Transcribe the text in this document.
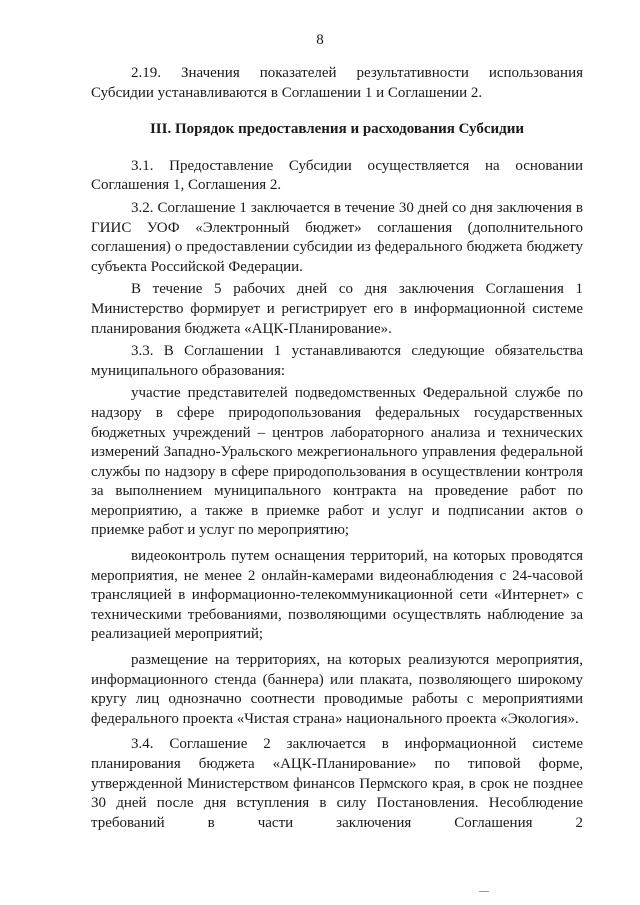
8

2.19. Значения показателей результативности использования Субсидии устанавливаются в Соглашении 1 и Соглашении 2.

III. Порядок предоставления и расходования Субсидии

3.1. Предоставление Субсидии осуществляется на основании Соглашения 1, Соглашения 2.

3.2. Соглашение 1 заключается в течение 30 дней со дня заключения в ГИИС УОФ «Электронный бюджет» соглашения (дополнительного соглашения) о предоставлении субсидии из федерального бюджета бюджету субъекта Российской Федерации.

В течение 5 рабочих дней со дня заключения Соглашения 1 Министерство формирует и регистрирует его в информационной системе планирования бюджета «АЦК-Планирование».

3.3. В Соглашении 1 устанавливаются следующие обязательства муниципального образования:

участие представителей подведомственных Федеральной службе по надзору в сфере природопользования федеральных государственных бюджетных учреждений – центров лабораторного анализа и технических измерений Западно-Уральского межрегионального управления федеральной службы по надзору в сфере природопользования в осуществлении контроля за выполнением муниципального контракта на проведение работ по мероприятию, а также в приемке работ и услуг и подписании актов о приемке работ и услуг по мероприятию;

видеоконтроль путем оснащения территорий, на которых проводятся мероприятия, не менее 2 онлайн-камерами видеонаблюдения с 24-часовой трансляцией в информационно-телекоммуникационной сети «Интернет» с техническими требованиями, позволяющими осуществлять наблюдение за реализацией мероприятий;

размещение на территориях, на которых реализуются мероприятия, информационного стенда (баннера) или плаката, позволяющего широкому кругу лиц однозначно соотнести проводимые работы с мероприятиями федерального проекта «Чистая страна» национального проекта «Экология».

3.4. Соглашение 2 заключается в информационной системе планирования бюджета «АЦК-Планирование» по типовой форме, утвержденной Министерством финансов Пермского края, в срок не позднее 30 дней после дня вступления в силу Постановления. Несоблюдение требований в части заключения Соглашения 2
